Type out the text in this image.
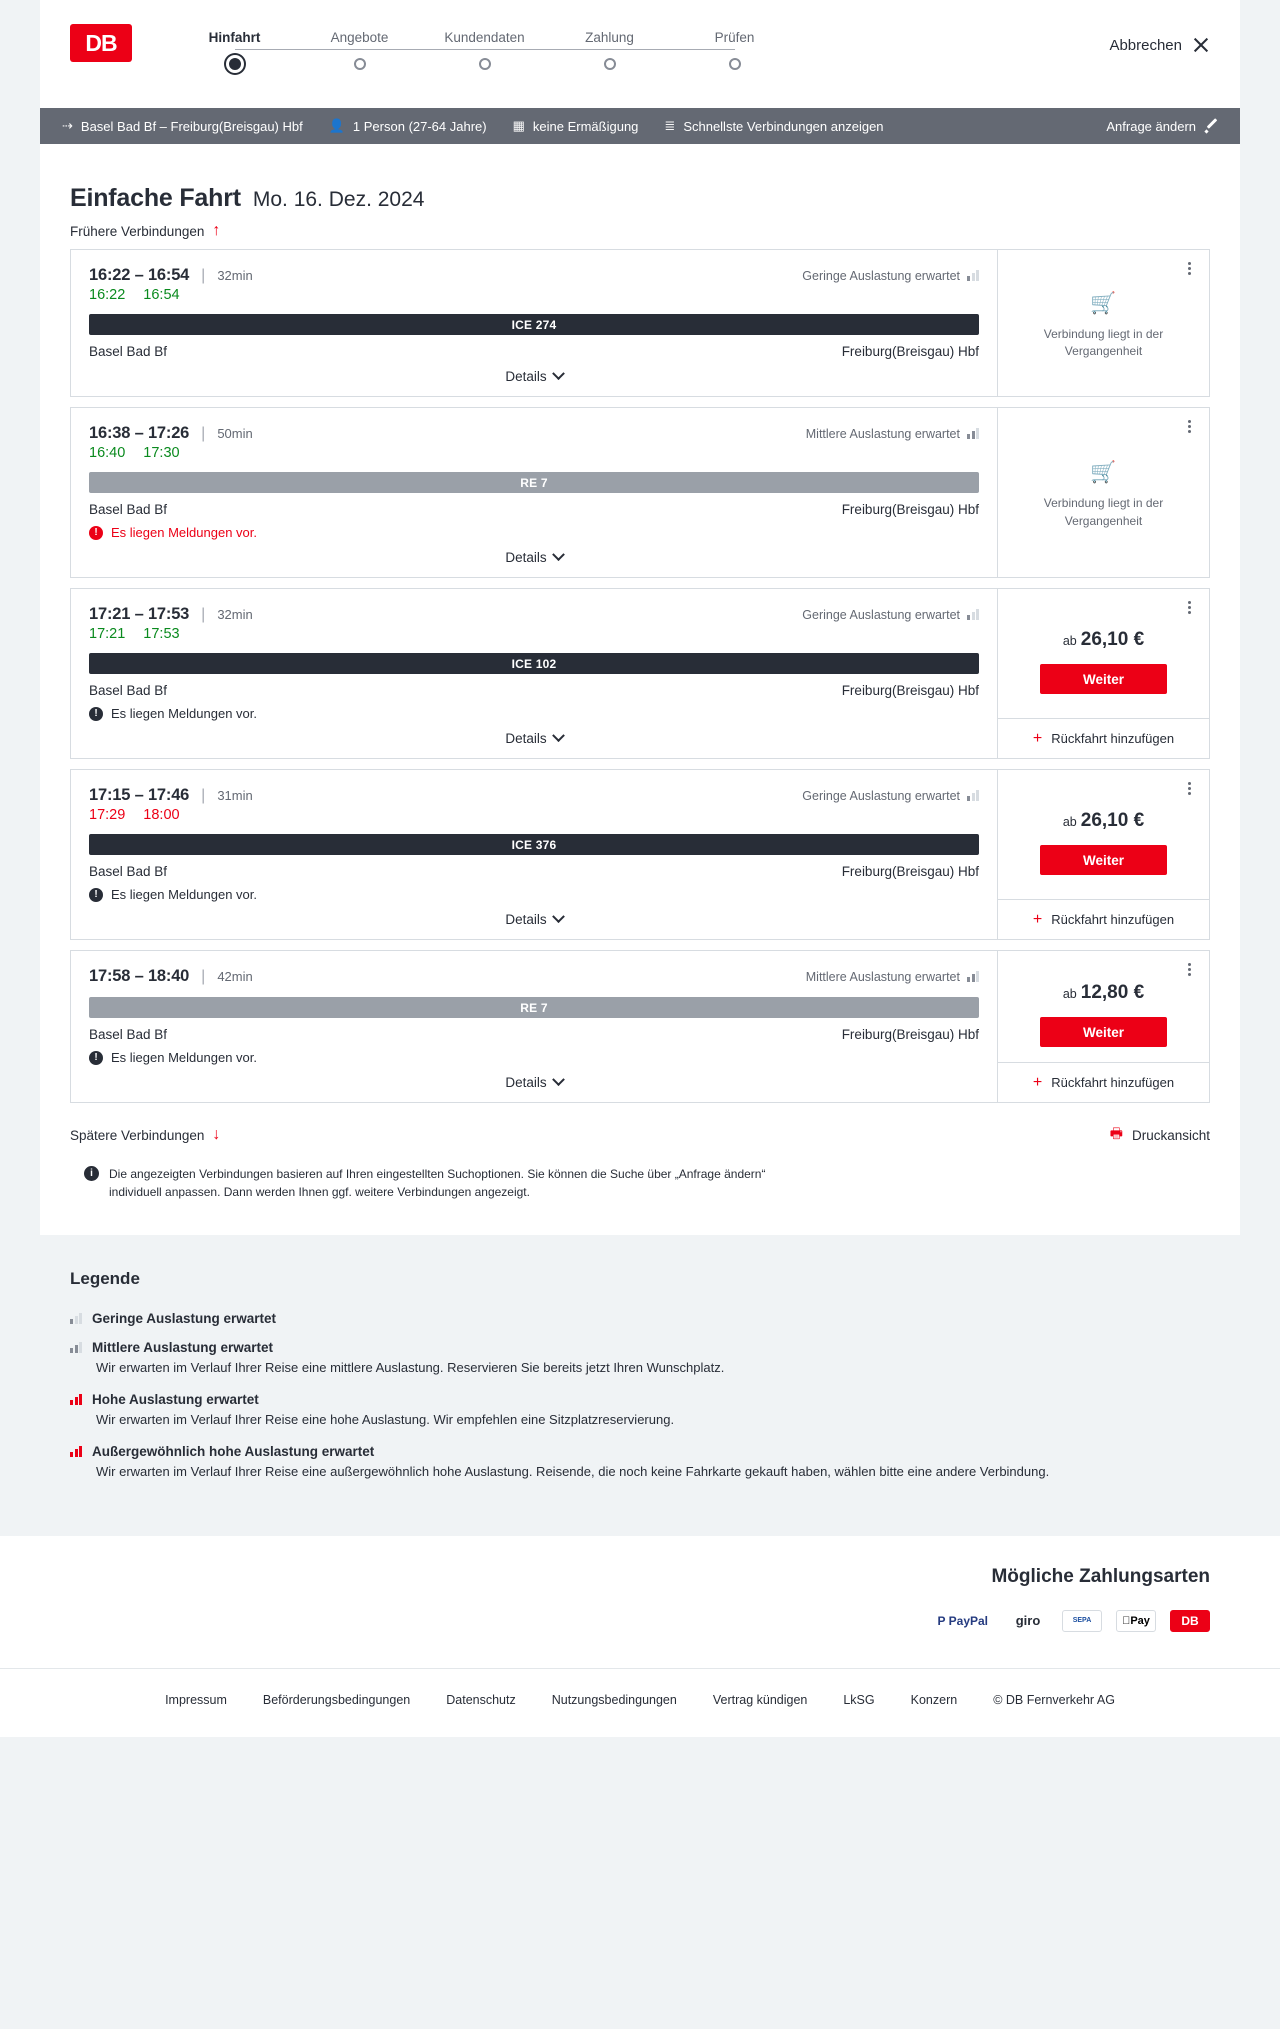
DB	Hinfahrt	Angebote	Kundendaten	Zahlung	Prüfen	Abbrechen
⇢ Basel Bad Bf – Freiburg(Breisgau) Hbf 👤 1 Person (27-64 Jahre) ▦ keine Ermäßigung ≣ Schnellste Verbindungen anzeigen	Anfrage ändern
Einfache Fahrt Mo. 16. Dez. 2024
Frühere Verbindungen ↑
16:22 – 16:54 | 32min	Geringe Auslastung erwartet
16:22 16:54
ICE 274
Basel Bad Bf	Freiburg(Breisgau) Hbf
Details
🛒
Verbindung liegt in der Vergangenheit
16:38 – 17:26 | 50min	Mittlere Auslastung erwartet
16:40 17:30
RE 7
Basel Bad Bf	Freiburg(Breisgau) Hbf
!	Es liegen Meldungen vor.
Details
🛒
Verbindung liegt in der Vergangenheit
17:21 – 17:53 | 32min	Geringe Auslastung erwartet
17:21 17:53
ICE 102
Basel Bad Bf	Freiburg(Breisgau) Hbf
!	Es liegen Meldungen vor.
Details
ab 26,10 €
Weiter
+ Rückfahrt hinzufügen
17:15 – 17:46 | 31min	Geringe Auslastung erwartet
17:29 18:00
ICE 376
Basel Bad Bf	Freiburg(Breisgau) Hbf
!	Es liegen Meldungen vor.
Details
ab 26,10 €
Weiter
+ Rückfahrt hinzufügen
17:58 – 18:40 | 42min	Mittlere Auslastung erwartet
RE 7
Basel Bad Bf	Freiburg(Breisgau) Hbf
!	Es liegen Meldungen vor.
Details
ab 12,80 €
Weiter
+ Rückfahrt hinzufügen
Spätere Verbindungen ↓	🖶 Druckansicht
i	Die angezeigten Verbindungen basieren auf Ihren eingestellten Suchoptionen. Sie können die Suche über „Anfrage ändern“ individuell anpassen. Dann werden Ihnen ggf. weitere Verbindungen angezeigt.
Legende
Geringe Auslastung erwartet
Mittlere Auslastung erwartet
Wir erwarten im Verlauf Ihrer Reise eine mittlere Auslastung. Reservieren Sie bereits jetzt Ihren Wunschplatz.
Hohe Auslastung erwartet
Wir erwarten im Verlauf Ihrer Reise eine hohe Auslastung. Wir empfehlen eine Sitzplatzreservierung.
Außergewöhnlich hohe Auslastung erwartet
Wir erwarten im Verlauf Ihrer Reise eine außergewöhnlich hohe Auslastung. Reisende, die noch keine Fahrkarte gekauft haben, wählen bitte eine andere Verbindung.
Mögliche Zahlungsarten
P PayPal	giro	SEPA	Pay	DB
Impressum	Beförderungsbedingungen	Datenschutz	Nutzungsbedingungen	Vertrag kündigen	LkSG	Konzern	© DB Fernverkehr AG
